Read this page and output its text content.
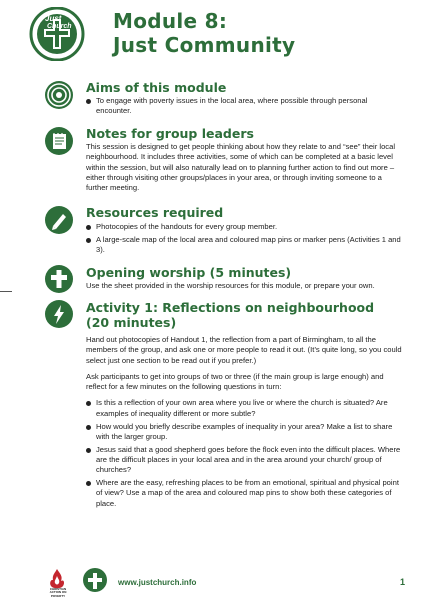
Just
Church Module 8:
Just Community
Aims of this module
To engage with poverty issues in the local area, where possible through personal encounter.
Notes for group leaders

This session is designed to get people thinking about how they relate to and “see” their local neighbourhood. It includes three activities, some of which can be completed at a basic level within the session, but will also naturally lead on to planning further action to find out more – either through visiting other groups/places in your area, or through inviting someone to a further meeting.

Resources required
Photocopies of the handouts for every group member.
A large-scale map of the local area and coloured map pins or marker pens (Activities 1 and 3).
Opening worship (5 minutes)

Use the sheet provided in the worship resources for this module, or prepare your own.

Activity 1: Reflections on neighbourhood
(20 minutes)

Hand out photocopies of Handout 1, the reflection from a part of Birmingham, to all the members of the group, and ask one or more people to read it out. (It’s quite long, so you could select just one section to be read out if you prefer.)

Ask participants to get into groups of two or three (if the main group is large enough) and reflect for a few minutes on the following questions in turn:

Is this a reflection of your own area where you live or where the church is situated? Are examples of inequality different or more subtle?
How would you briefly describe examples of inequality in your area? Make a list to share with the larger group.
Jesus said that a good shepherd goes before the flock even into the difficult places. Where are the difficult places in your local area and in the area around your church/ group of churches?
Where are the easy, refreshing places to be from an emotional, spiritual and physical point of view? Use a map of the area and coloured map pins to show both these categories of place.
CHRISTIAN ACTION ON POVERTY
www.justchurch.info	1
